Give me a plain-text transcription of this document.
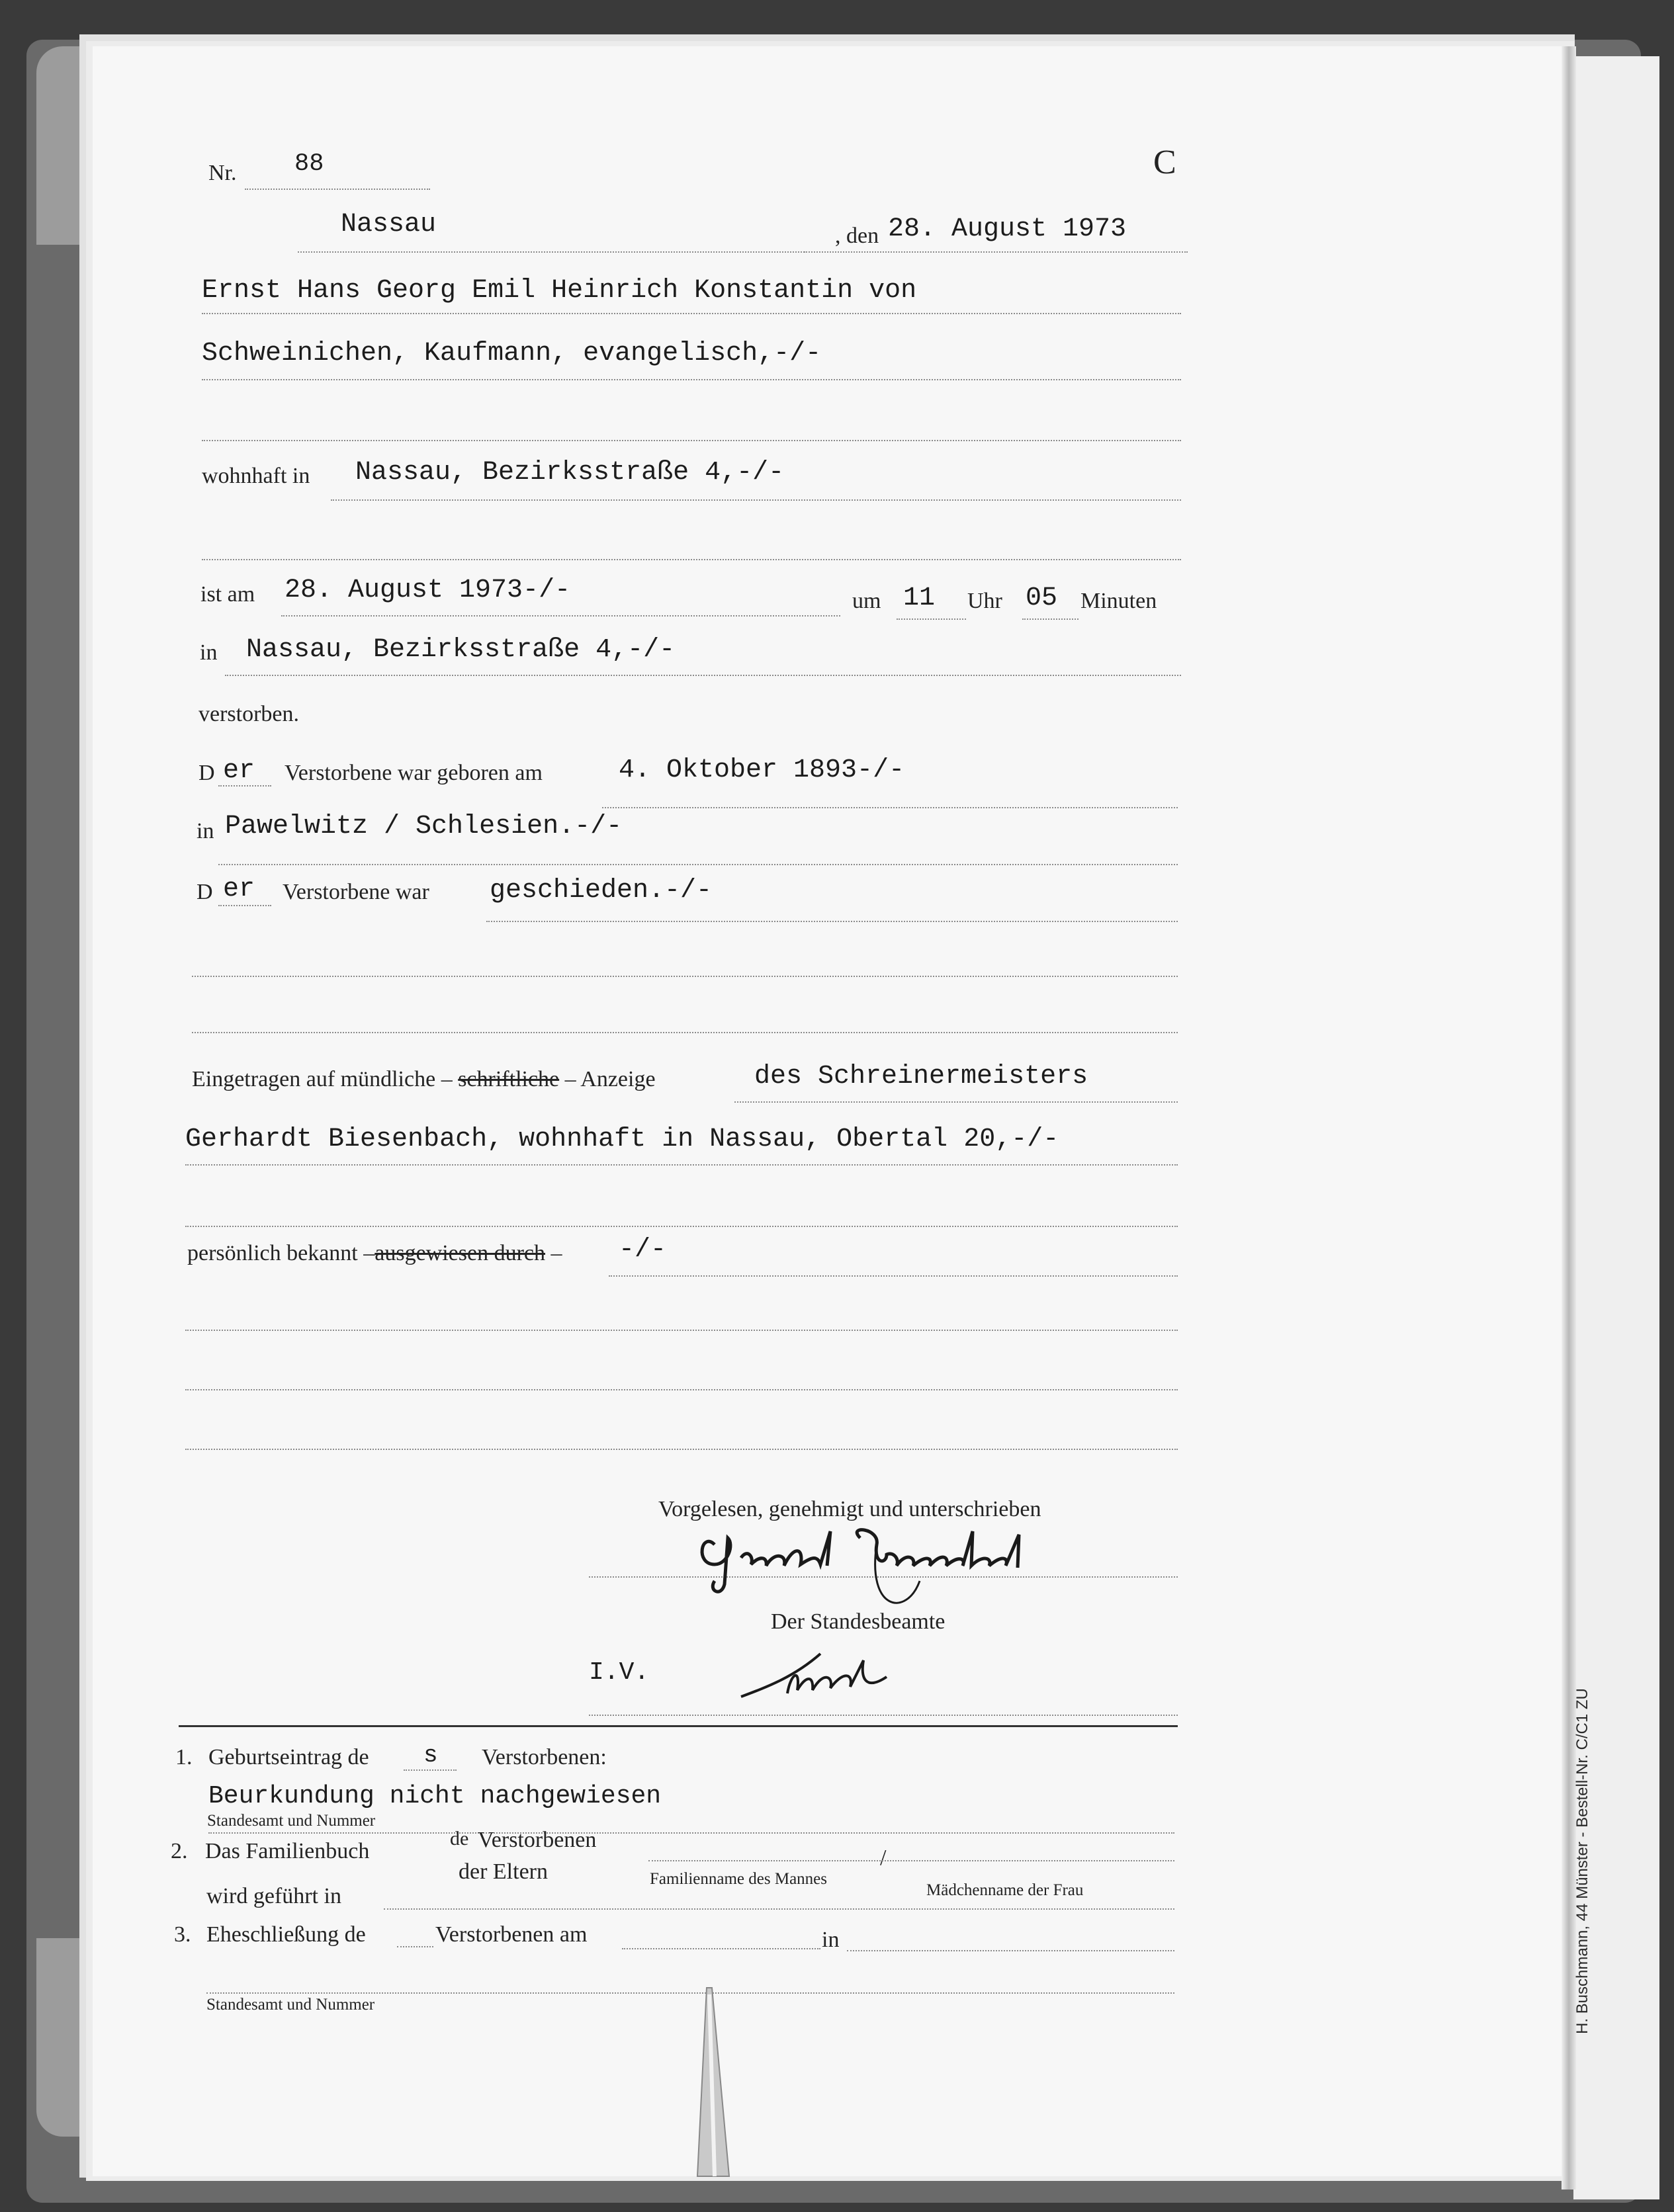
Nr. 88	C
Nassau	, den 28. August 1973
Ernst Hans Georg Emil Heinrich Konstantin von
Schweinichen, Kaufmann, evangelisch,-/-
wohnhaft in Nassau, Bezirksstraße 4,-/-
ist am 28. August 1973-/-	um 11 Uhr 05 Minuten
in Nassau, Bezirksstraße 4,-/-
verstorben.
D er Verstorbene war geboren am	4. Oktober 1893-/-
in Pawelwitz / Schlesien.-/-
D er Verstorbene war geschieden.-/-
Eingetragen auf mündliche – schriftliche – Anzeige	des Schreinermeisters
Gerhardt Biesenbach, wohnhaft in Nassau, Obertal 20,-/-
persönlich bekannt –ausgewiesen durch – -/-
Vorgelesen, genehmigt und unterschrieben
Der Standesbeamte
I.V.
1. Geburtseintrag de s Verstorbenen:
Beurkundung nicht nachgewiesen
Standesamt und Nummer
2. Das Familienbuch
de Verstorbenen
der Eltern	Familienname des Mannes
/
Mädchenname der Frau
wird geführt in
3. Eheschließung de	Verstorbenen am	in
Standesamt und Nummer	H. Buschmann, 44 Münster - Bestell-Nr. C/C1 ZU
